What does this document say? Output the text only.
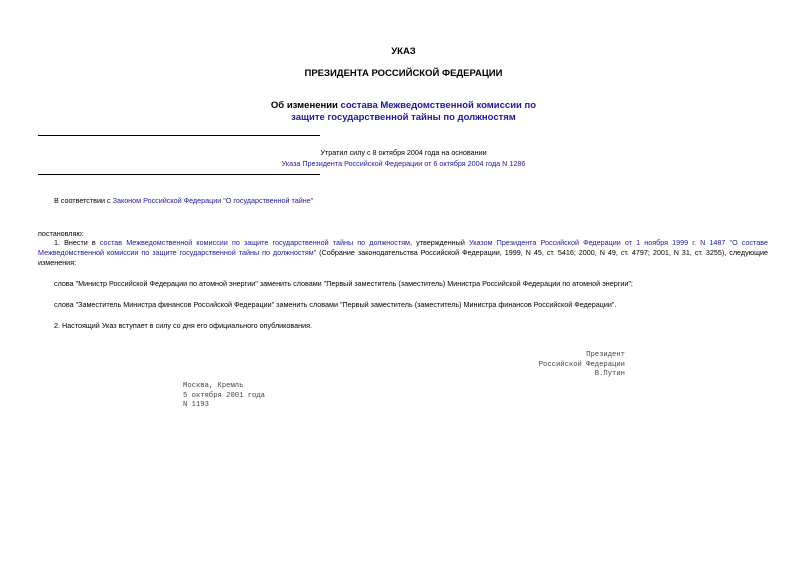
УКАЗ
ПРЕЗИДЕНТА РОССИЙСКОЙ ФЕДЕРАЦИИ
Об изменении состава Межведомственной комиссии по
защите государственной тайны по должностям
Утратил силу с 8 октября 2004 года на основании
Указа Президента Российской Федерации от 6 октября 2004 года N 1286

В соответствии с Законом Российской Федерации "О государственной тайне"

постановляю:

1. Внести в состав Межведомственной комиссии по защите государственной тайны по должностям, утвержденный Указом Президента Российской Федерации от 1 ноября 1999 г. N 1487 "О составе Межведомственной комиссии по защите государственной тайны по должностям" (Собрание законодательства Российской Федерации, 1999, N 45, ст. 5416; 2000, N 49, ст. 4797; 2001, N 31, ст. 3255), следующие изменения:

слова "Министр Российской Федерации по атомной энергии" заменить словами "Первый заместитель (заместитель) Министра Российской Федерации по атомной энергии";

слова "Заместитель Министра финансов Российской Федерации" заменить словами "Первый заместитель (заместитель) Министра финансов Российской Федерации".

2. Настоящий Указ вступает в силу со дня его официального опубликования.

Президент
Российской Федерации
В.Путин
Москва, Кремль
5 октября 2001 года
N 1193
